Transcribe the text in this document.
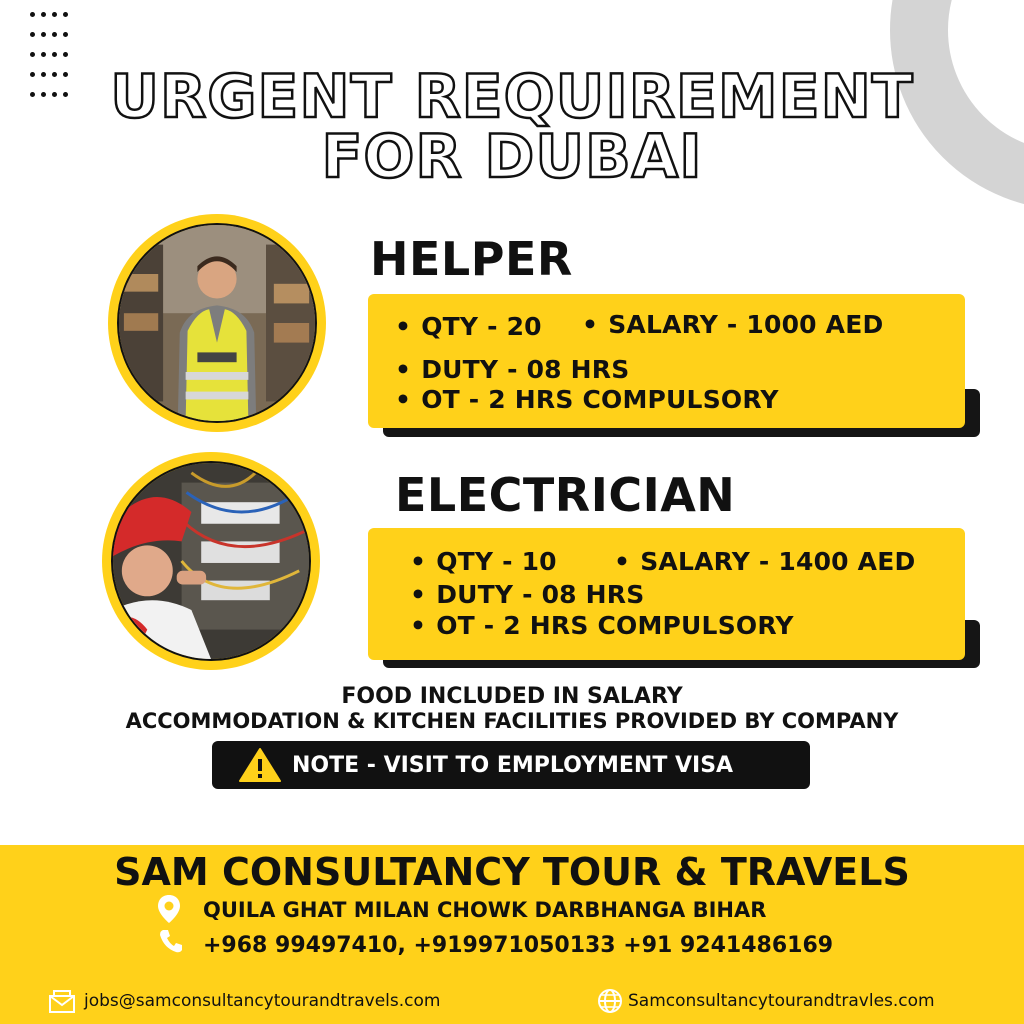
URGENT REQUIREMENT
FOR DUBAI
HELPER
• QTY - 20	• SALARY - 1000 AED
• DUTY - 08 HRS
• OT - 2 HRS COMPULSORY
ELECTRICIAN
• QTY - 10	• SALARY - 1400 AED
• DUTY - 08 HRS
• OT - 2 HRS COMPULSORY
FOOD INCLUDED IN SALARY
ACCOMMODATION & KITCHEN FACILITIES PROVIDED BY COMPANY
NOTE - VISIT TO EMPLOYMENT VISA
SAM CONSULTANCY TOUR & TRAVELS
QUILA GHAT MILAN CHOWK DARBHANGA BIHAR
+968 99497410, +919971050133 +91 9241486169
jobs@samconsultancytourandtravels.com	Samconsultancytourandtravles.com
